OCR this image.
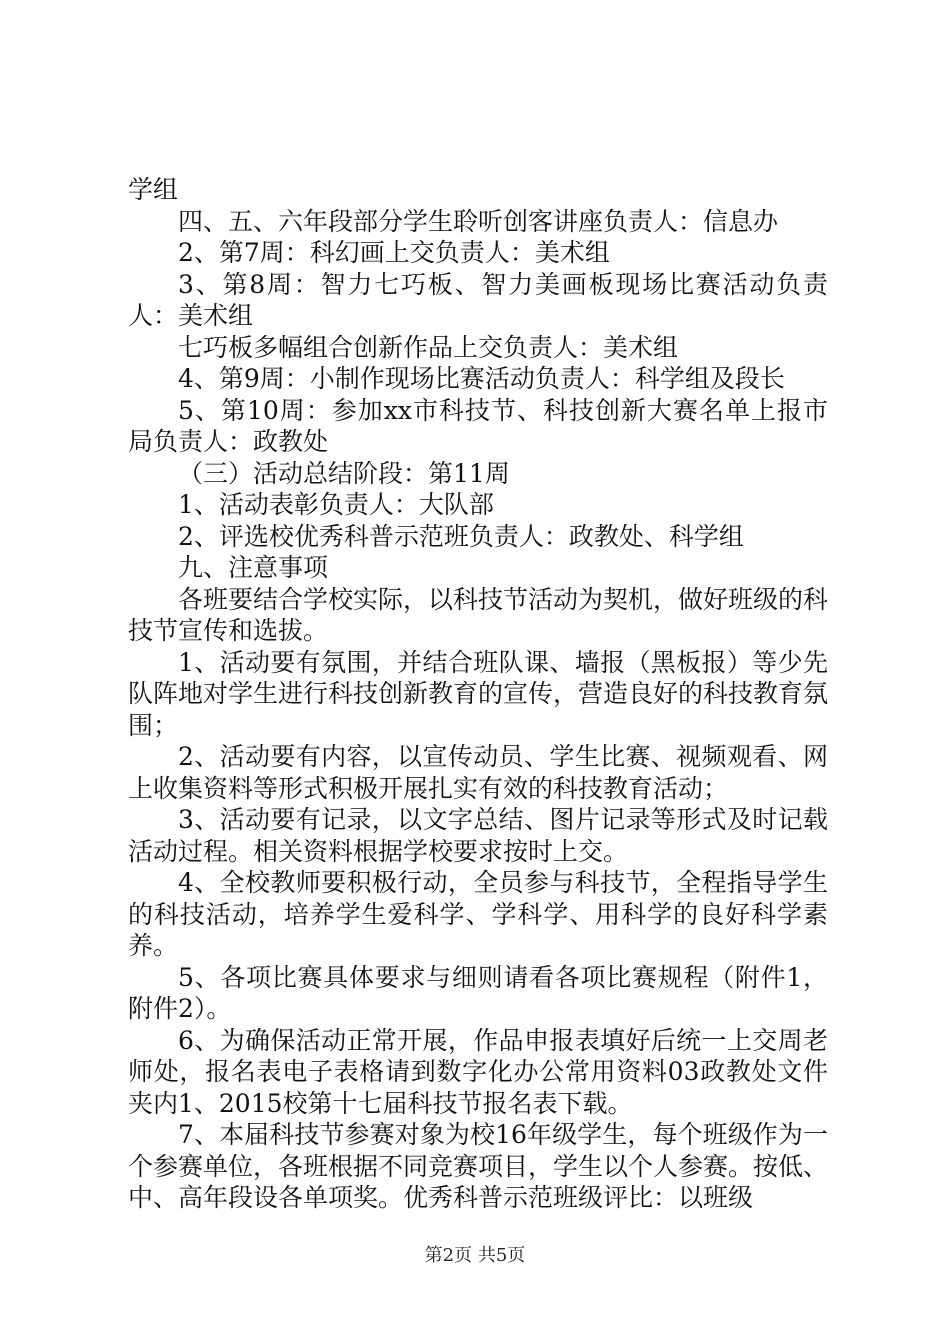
学组

四、五、六年段部分学生聆听创客讲座负责人：信息办

2、第7周：科幻画上交负责人：美术组

3、第8周：智力七巧板、智力美画板现场比赛活动负责人：美术组

七巧板多幅组合创新作品上交负责人：美术组

4、第9周：小制作现场比赛活动负责人：科学组及段长

5、第10周：参加xx市科技节、科技创新大赛名单上报市局负责人：政教处

（三）活动总结阶段：第11周

1、活动表彰负责人：大队部

2、评选校优秀科普示范班负责人：政教处、科学组

九、注意事项

各班要结合学校实际，以科技节活动为契机，做好班级的科技节宣传和选拔。

1、活动要有氛围，并结合班队课、墙报（黑板报）等少先队阵地对学生进行科技创新教育的宣传，营造良好的科技教育氛围；

2、活动要有内容，以宣传动员、学生比赛、视频观看、网上收集资料等形式积极开展扎实有效的科技教育活动；

3、活动要有记录，以文字总结、图片记录等形式及时记载活动过程。相关资料根据学校要求按时上交。

4、全校教师要积极行动，全员参与科技节，全程指导学生的科技活动，培养学生爱科学、学科学、用科学的良好科学素养。

5、各项比赛具体要求与细则请看各项比赛规程（附件1，附件2）。

6、为确保活动正常开展，作品申报表填好后统一上交周老师处，报名表电子表格请到数字化办公常用资料03政教处文件夹内1、2015校第十七届科技节报名表下载。

7、本届科技节参赛对象为校16年级学生，每个班级作为一个参赛单位，各班根据不同竞赛项目，学生以个人参赛。按低、中、高年段设各单项奖。优秀科普示范班级评比：以班级

第2页 共5页
